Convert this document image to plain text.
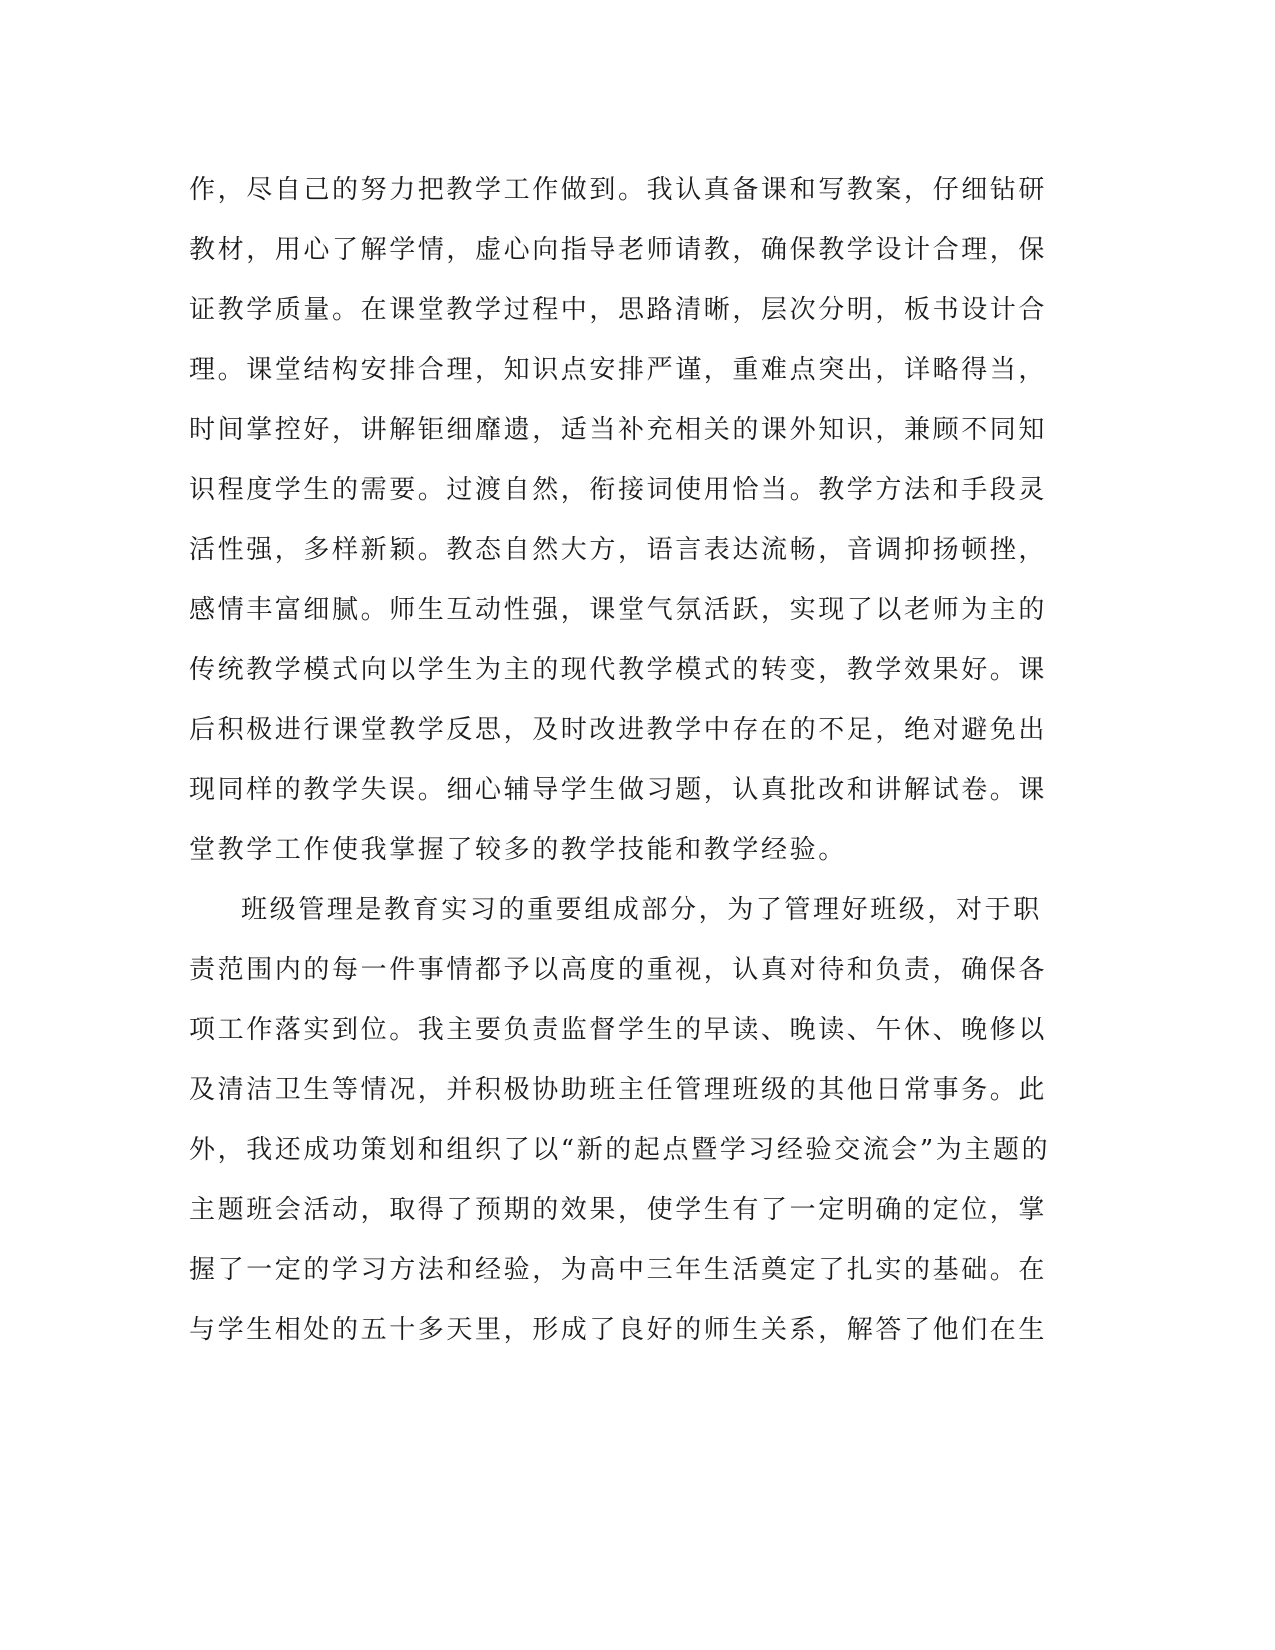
作，尽自己的努力把教学工作做到。我认真备课和写教案，仔细钻研
教材，用心了解学情，虚心向指导老师请教，确保教学设计合理，保
证教学质量。在课堂教学过程中，思路清晰，层次分明，板书设计合
理。课堂结构安排合理，知识点安排严谨，重难点突出，详略得当，
时间掌控好，讲解钜细靡遗，适当补充相关的课外知识，兼顾不同知
识程度学生的需要。过渡自然，衔接词使用恰当。教学方法和手段灵
活性强，多样新颖。教态自然大方，语言表达流畅，音调抑扬顿挫，
感情丰富细腻。师生互动性强，课堂气氛活跃，实现了以老师为主的
传统教学模式向以学生为主的现代教学模式的转变，教学效果好。课
后积极进行课堂教学反思，及时改进教学中存在的不足，绝对避免出
现同样的教学失误。细心辅导学生做习题，认真批改和讲解试卷。课
堂教学工作使我掌握了较多的教学技能和教学经验。
班级管理是教育实习的重要组成部分，为了管理好班级，对于职
责范围内的每一件事情都予以高度的重视，认真对待和负责，确保各
项工作落实到位。我主要负责监督学生的早读、晚读、午休、晚修以
及清洁卫生等情况，并积极协助班主任管理班级的其他日常事务。此
外，我还成功策划和组织了以“新的起点暨学习经验交流会”为主题的
主题班会活动，取得了预期的效果，使学生有了一定明确的定位，掌
握了一定的学习方法和经验，为高中三年生活奠定了扎实的基础。在
与学生相处的五十多天里，形成了良好的师生关系，解答了他们在生
